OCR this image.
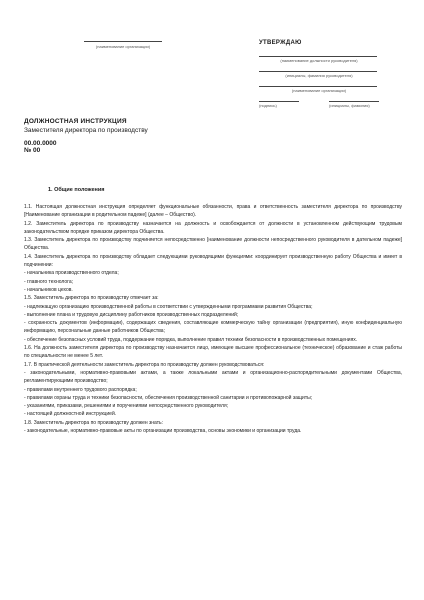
(наименование организации)
УТВЕРЖДАЮ
(наименование должности руководителя)
(инициалы, фамилия руководителя)
(наименование организации)
(подпись)	(инициалы, фамилия)
ДОЛЖНОСТНАЯ ИНСТРУКЦИЯ
Заместителя директора по производству
00.00.0000
№ 00
1. Общие положения

1.1. Настоящая должностная инструкция определяет функциональные обязанности, права и ответственность заместителя директора по производству [Наименование организации в родительном падеже] (далее – Общество).

1.2. Заместитель директора по производству назначается на должность и освобождается от должности в установленном действующим трудовым законодательством порядке приказом директора Общества.

1.3. Заместитель директора по производству подчиняется непосредственно [наименование должности непосредственного руководителя в дательном падеже] Общества.

1.4. Заместитель директора по производству обладает следующими руководящими функциями: координирует производственную работу Общества и имеет в подчинении:

- начальника производственного отдела;

- главного технолога;

- начальников цехов.

1.5. Заместитель директора по производству отвечает за:

- надлежащую организацию производственной работы в соответствии с утвержденными программами развития Общества;

- выполнение плана и трудовую дисциплину работников производственных подразделений;

- сохранность документов (информации), содержащих сведения, составляющие коммерческую тайну организации (предприятия), иную конфиденциальную информацию, персональные данные работников Общества;

- обеспечение безопасных условий труда, поддержание порядка, выполнение правил техники безопасности в производственных помещениях.

1.6. На должность заместителя директора по производству назначается лицо, имеющее высшее профессиональное (техническое) образование и стаж работы по специальности не менее 5 лет.

1.7. В практической деятельности заместитель директора по производству должен руководствоваться:

- законодательными, нормативно-правовыми актами, а также локальными актами и организационно-распорядительными документами Общества, регламентирующими производство;

- правилами внутреннего трудового распорядка;

- правилами охраны труда и техники безопасности, обеспечения производственной санитарии и противопожарной защиты;

- указаниями, приказами, решениями и поручениями непосредственного руководителя;

- настоящей должностной инструкцией.

1.8. Заместитель директора по производству должен знать:

- законодательные, нормативно-правовые акты по организации производства, основы экономики и организации труда.
